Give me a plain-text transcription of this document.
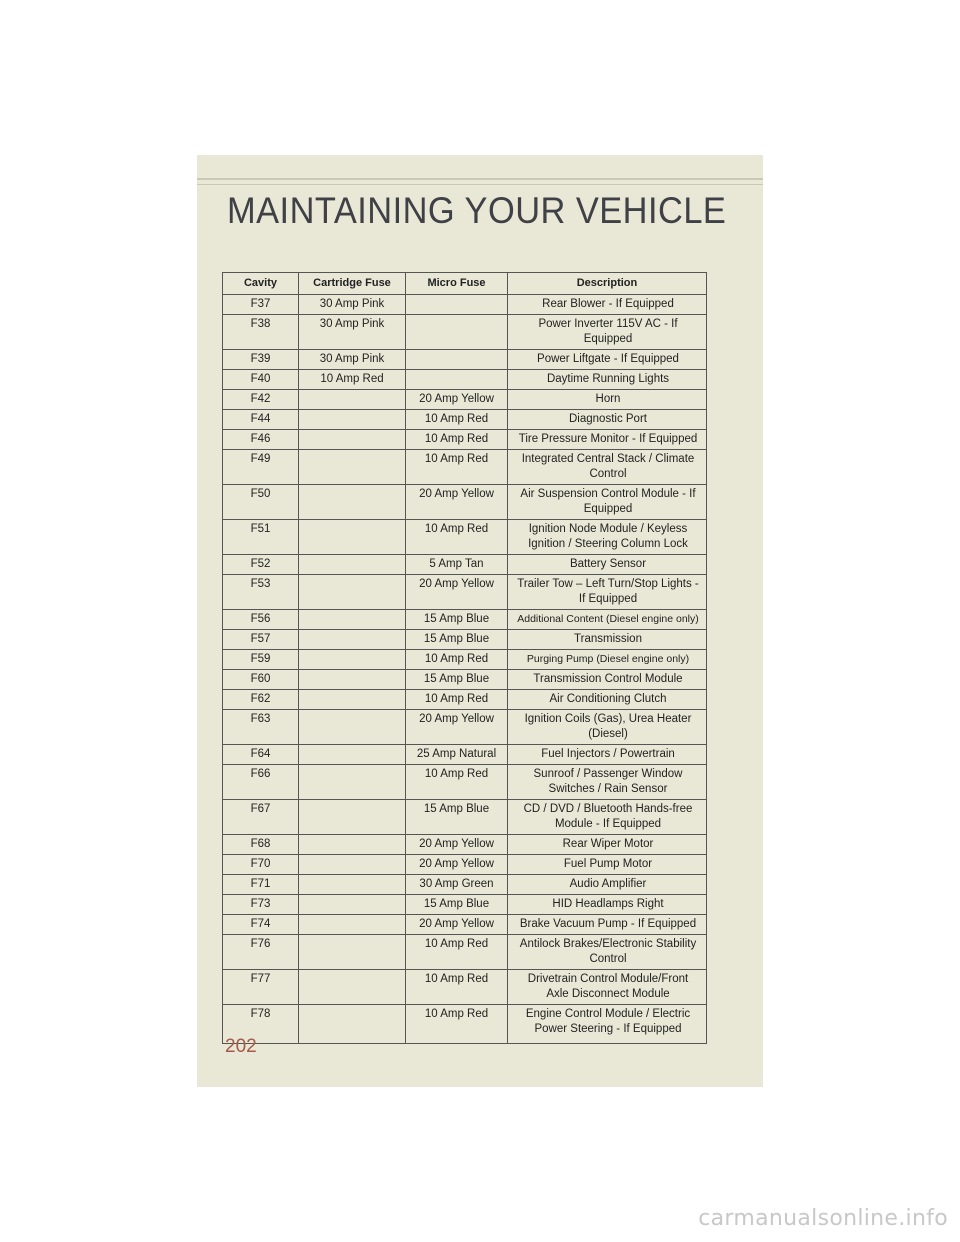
MAINTAINING YOUR VEHICLE
Cavity	Cartridge Fuse	Micro Fuse	Description
F37	30 Amp Pink		Rear Blower - If Equipped
F38	30 Amp Pink		Power Inverter 115V AC - If Equipped
F39	30 Amp Pink		Power Liftgate - If Equipped
F40	10 Amp Red		Daytime Running Lights
F42		20 Amp Yellow	Horn
F44		10 Amp Red	Diagnostic Port
F46		10 Amp Red	Tire Pressure Monitor - If Equipped
F49		10 Amp Red	Integrated Central Stack / Climate Control
F50		20 Amp Yellow	Air Suspension Control Module - If Equipped
F51		10 Amp Red	Ignition Node Module / Keyless Ignition / Steering Column Lock
F52		5 Amp Tan	Battery Sensor
F53		20 Amp Yellow	Trailer Tow – Left Turn/Stop Lights - If Equipped
F56		15 Amp Blue	Additional Content (Diesel engine only)
F57		15 Amp Blue	Transmission
F59		10 Amp Red	Purging Pump (Diesel engine only)
F60		15 Amp Blue	Transmission Control Module
F62		10 Amp Red	Air Conditioning Clutch
F63		20 Amp Yellow	Ignition Coils (Gas), Urea Heater (Diesel)
F64		25 Amp Natural	Fuel Injectors / Powertrain
F66		10 Amp Red	Sunroof / Passenger Window Switches / Rain Sensor
F67		15 Amp Blue	CD / DVD / Bluetooth Hands-free Module - If Equipped
F68		20 Amp Yellow	Rear Wiper Motor
F70		20 Amp Yellow	Fuel Pump Motor
F71		30 Amp Green	Audio Amplifier
F73		15 Amp Blue	HID Headlamps Right
F74		20 Amp Yellow	Brake Vacuum Pump - If Equipped
F76		10 Amp Red	Antilock Brakes/Electronic Stability Control
F77		10 Amp Red	Drivetrain Control Module/Front Axle Disconnect Module
F78		10 Amp Red	Engine Control Module / Electric Power Steering - If Equipped
202
carmanualsonline.info
